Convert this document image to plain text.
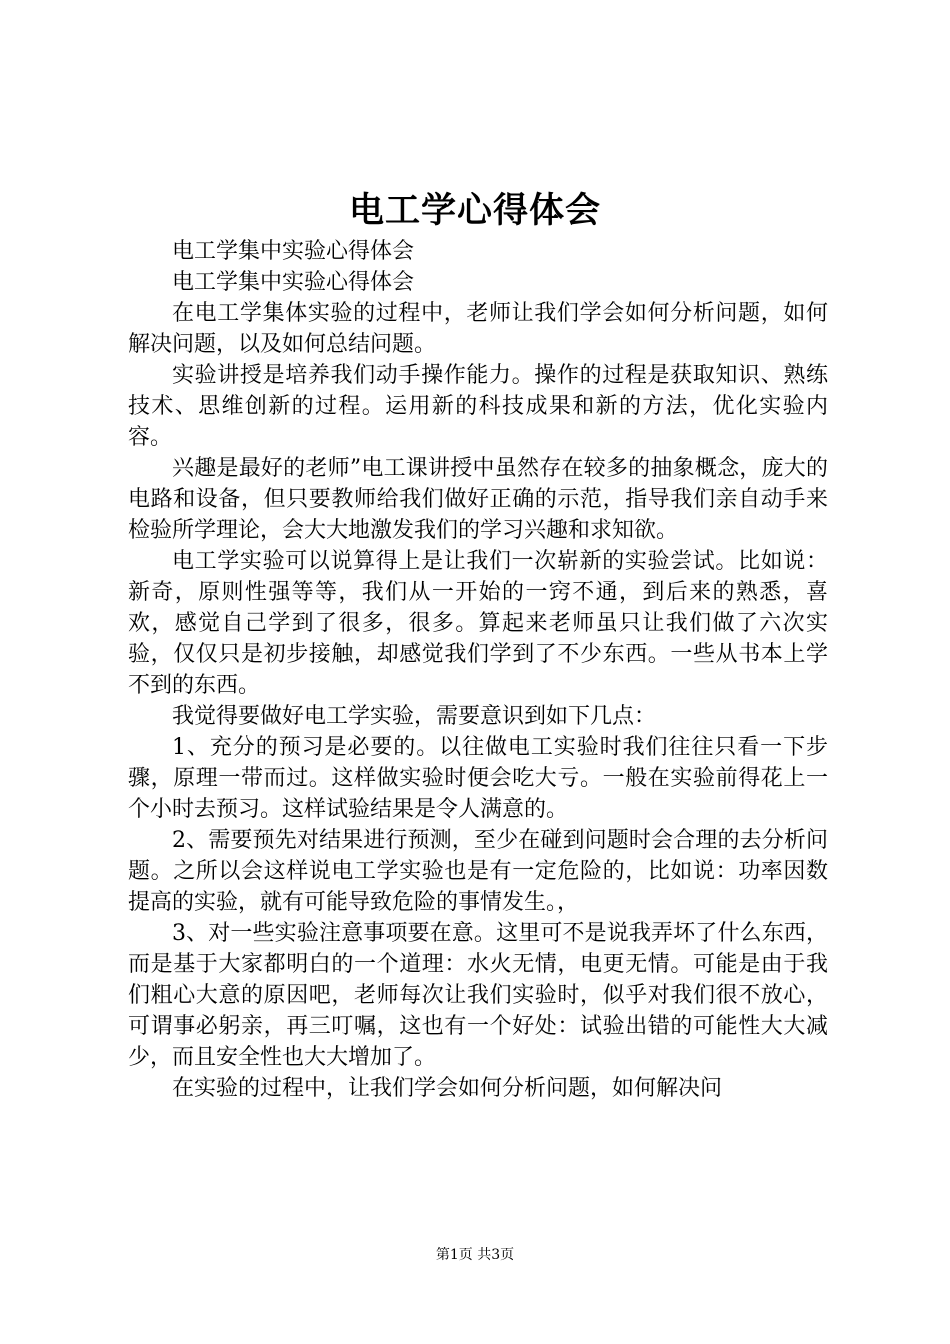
电工学心得体会

电工学集中实验心得体会

电工学集中实验心得体会

在电工学集体实验的过程中，老师让我们学会如何分析问题，如何解决问题，以及如何总结问题。

实验讲授是培养我们动手操作能力。操作的过程是获取知识、熟练技术、思维创新的过程。运用新的科技成果和新的方法，优化实验内容。

兴趣是最好的老师”电工课讲授中虽然存在较多的抽象概念，庞大的电路和设备，但只要教师给我们做好正确的示范，指导我们亲自动手来检验所学理论，会大大地激发我们的学习兴趣和求知欲。

电工学实验可以说算得上是让我们一次崭新的实验尝试。比如说：新奇，原则性强等等，我们从一开始的一窍不通，到后来的熟悉，喜欢，感觉自己学到了很多，很多。算起来老师虽只让我们做了六次实验，仅仅只是初步接触，却感觉我们学到了不少东西。一些从书本上学不到的东西。

我觉得要做好电工学实验，需要意识到如下几点：

1、充分的预习是必要的。以往做电工实验时我们往往只看一下步骤，原理一带而过。这样做实验时便会吃大亏。一般在实验前得花上一个小时去预习。这样试验结果是令人满意的。

2、需要预先对结果进行预测，至少在碰到问题时会合理的去分析问题。之所以会这样说电工学实验也是有一定危险的，比如说：功率因数提高的实验，就有可能导致危险的事情发生。，

3、对一些实验注意事项要在意。这里可不是说我弄坏了什么东西，而是基于大家都明白的一个道理：水火无情，电更无情。可能是由于我们粗心大意的原因吧，老师每次让我们实验时，似乎对我们很不放心，可谓事必躬亲，再三叮嘱，这也有一个好处：试验出错的可能性大大减少，而且安全性也大大增加了。

在实验的过程中，让我们学会如何分析问题，如何解决问

第1页 共3页
